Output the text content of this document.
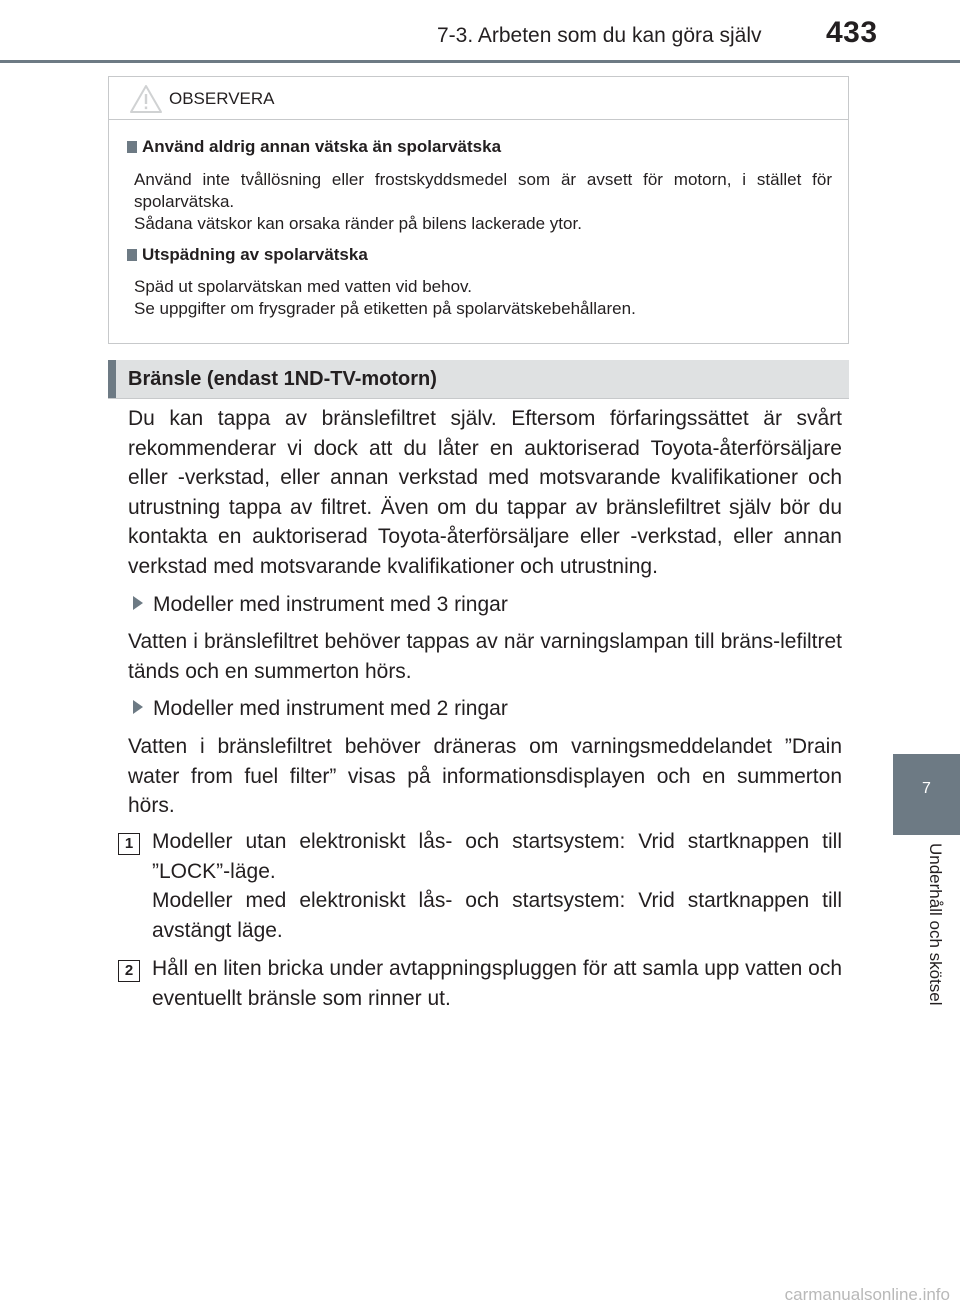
7-3. Arbeten som du kan göra själv 433
7
Underhåll och skötsel
OBSERVERA
Använd aldrig annan vätska än spolarvätska
Använd inte tvållösning eller frostskyddsmedel som är avsett för motorn, i stället för spolarvätska.
Sådana vätskor kan orsaka ränder på bilens lackerade ytor.
Utspädning av spolarvätska
Späd ut spolarvätskan med vatten vid behov.
Se uppgifter om frysgrader på etiketten på spolarvätskebehållaren.
Bränsle (endast 1ND-TV-motorn)
Du kan tappa av bränslefiltret själv. Eftersom förfaringssättet är svårt rekommenderar vi dock att du låter en auktoriserad Toyota-återförsäljare eller -verkstad, eller annan verkstad med motsvarande kvalifikationer och utrustning tappa av filtret. Även om du tappar av bränslefiltret själv bör du kontakta en auktoriserad Toyota-återförsäljare eller -verkstad, eller annan verkstad med motsvarande kvalifikationer och utrustning.
Modeller med instrument med 3 ringar
Vatten i bränslefiltret behöver tappas av när varningslampan till bräns-lefiltret tänds och en summerton hörs.
Modeller med instrument med 2 ringar
Vatten i bränslefiltret behöver dräneras om varningsmeddelandet ”Drain water from fuel filter” visas på informationsdisplayen och en summerton hörs.
1 Modeller utan elektroniskt lås- och startsystem: Vrid startknappen till ”LOCK”-läge.
Modeller med elektroniskt lås- och startsystem: Vrid startknappen till avstängt läge.
2 Håll en liten bricka under avtappningspluggen för att samla upp vatten och eventuellt bränsle som rinner ut.
carmanualsonline.info
